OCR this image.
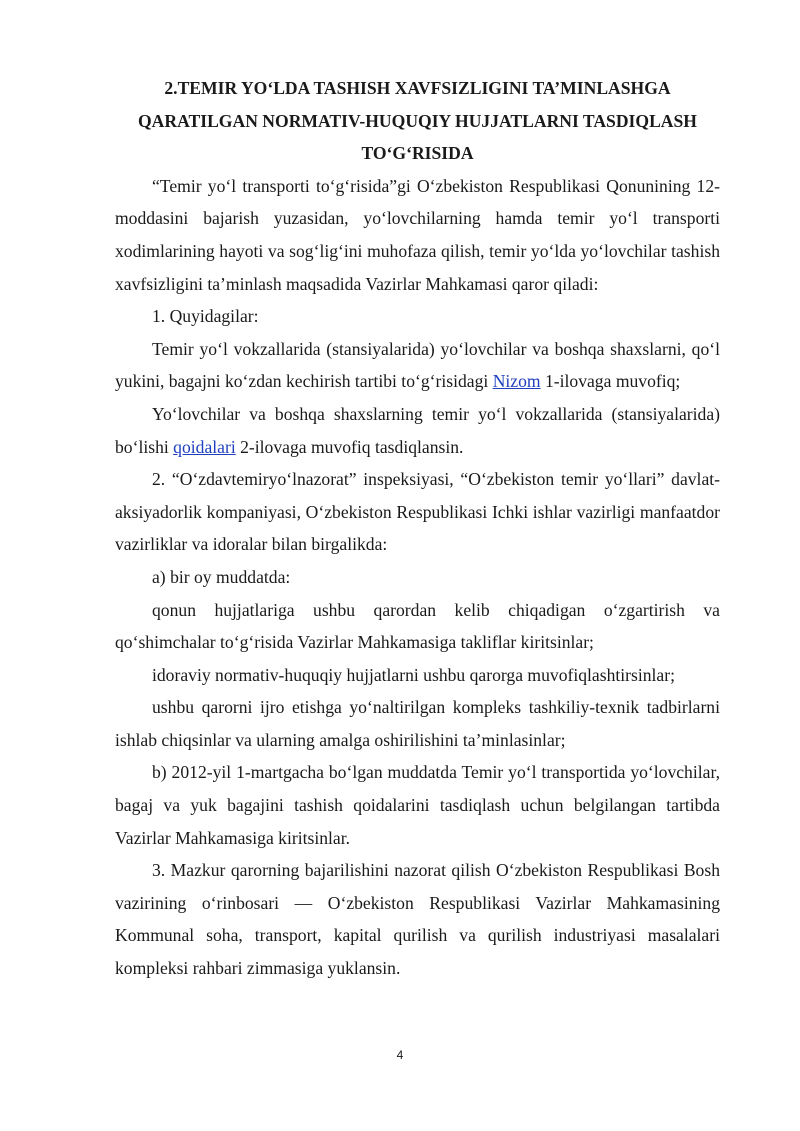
2.TEMIR YO‘LDA TASHISH XAVFSIZLIGINI TA’MINLASHGA
QARATILGAN NORMATIV-HUQUQIY HUJJATLARNI TASDIQLASH
TO‘G‘RISIDA

“Temir yo‘l transporti to‘g‘risida”gi O‘zbekiston Respublikasi Qonunining 12-moddasini bajarish yuzasidan, yo‘lovchilarning hamda temir yo‘l transporti xodimlarining hayoti va sog‘lig‘ini muhofaza qilish, temir yo‘lda yo‘lovchilar tashish xavfsizligini ta’minlash maqsadida Vazirlar Mahkamasi qaror qiladi:

1. Quyidagilar:

Temir yo‘l vokzallarida (stansiyalarida) yo‘lovchilar va boshqa shaxslarni, qo‘l yukini, bagajni ko‘zdan kechirish tartibi to‘g‘risidagi Nizom 1-ilovaga muvofiq;

Yo‘lovchilar va boshqa shaxslarning temir yo‘l vokzallarida (stansiyalarida) bo‘lishi qoidalari 2-ilovaga muvofiq tasdiqlansin.

2. “O‘zdavtemiryo‘lnazorat” inspeksiyasi, “O‘zbekiston temir yo‘llari” davlat-aksiyadorlik kompaniyasi, O‘zbekiston Respublikasi Ichki ishlar vazirligi manfaatdor vazirliklar va idoralar bilan birgalikda:

a) bir oy muddatda:

qonun hujjatlariga ushbu qarordan kelib chiqadigan o‘zgartirish va qo‘shimchalar to‘g‘risida Vazirlar Mahkamasiga takliflar kiritsinlar;

idoraviy normativ-huquqiy hujjatlarni ushbu qarorga muvofiqlashtirsinlar;

ushbu qarorni ijro etishga yo‘naltirilgan kompleks tashkiliy-texnik tadbirlarni ishlab chiqsinlar va ularning amalga oshirilishini ta’minlasinlar;

b) 2012-yil 1-martgacha bo‘lgan muddatda Temir yo‘l transportida yo‘lovchilar, bagaj va yuk bagajini tashish qoidalarini tasdiqlash uchun belgilangan tartibda Vazirlar Mahkamasiga kiritsinlar.

3. Mazkur qarorning bajarilishini nazorat qilish O‘zbekiston Respublikasi Bosh vazirining o‘rinbosari — O‘zbekiston Respublikasi Vazirlar Mahkamasining Kommunal soha, transport, kapital qurilish va qurilish industriyasi masalalari kompleksi rahbari zimmasiga yuklansin.

4
